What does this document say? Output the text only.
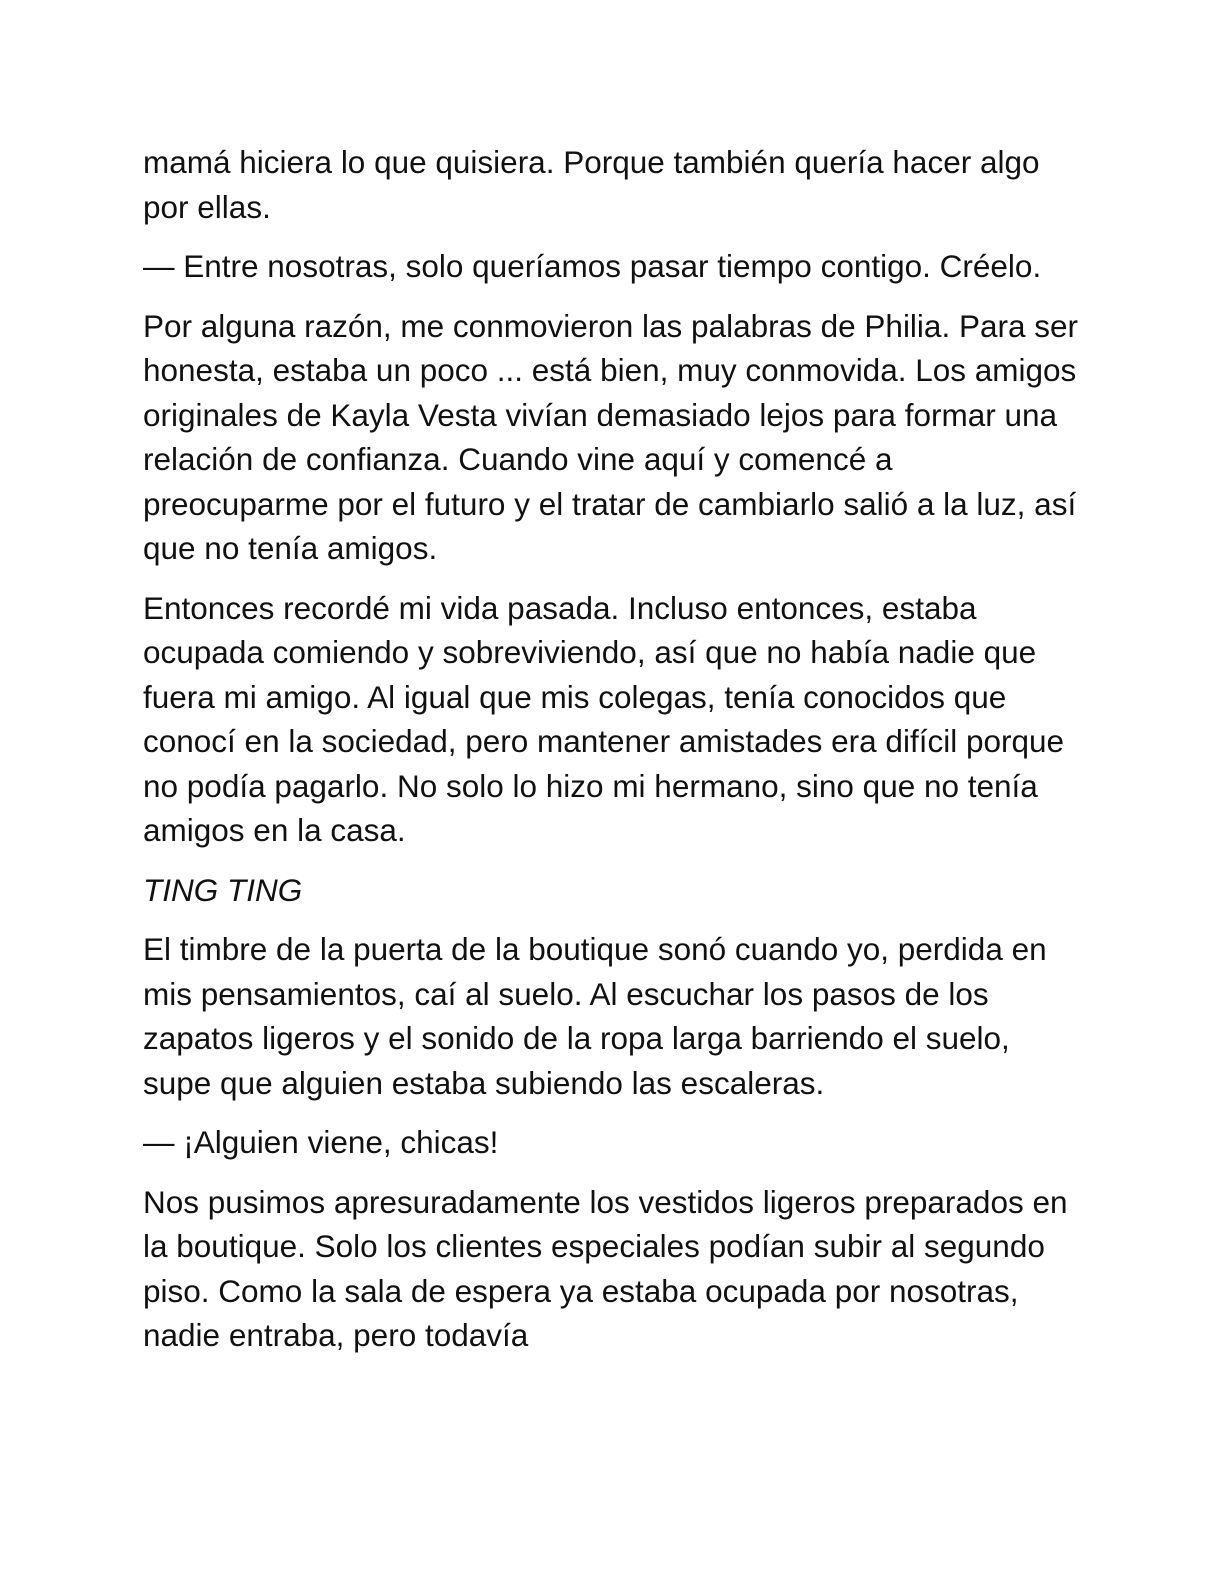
mamá hiciera lo que quisiera. Porque también quería hacer algo por ellas.

— Entre nosotras, solo queríamos pasar tiempo contigo. Créelo.

Por alguna razón, me conmovieron las palabras de Philia. Para ser honesta, estaba un poco ... está bien, muy conmovida. Los amigos originales de Kayla Vesta vivían demasiado lejos para formar una relación de confianza. Cuando vine aquí y comencé a preocuparme por el futuro y el tratar de cambiarlo salió a la luz, así que no tenía amigos.

Entonces recordé mi vida pasada. Incluso entonces, estaba ocupada comiendo y sobreviviendo, así que no había nadie que fuera mi amigo. Al igual que mis colegas, tenía conocidos que conocí en la sociedad, pero mantener amistades era difícil porque no podía pagarlo. No solo lo hizo mi hermano, sino que no tenía amigos en la casa.

TING TING

El timbre de la puerta de la boutique sonó cuando yo, perdida en mis pensamientos, caí al suelo. Al escuchar los pasos de los zapatos ligeros y el sonido de la ropa larga barriendo el suelo, supe que alguien estaba subiendo las escaleras.

— ¡Alguien viene, chicas!

Nos pusimos apresuradamente los vestidos ligeros preparados en la boutique. Solo los clientes especiales podían subir al segundo piso. Como la sala de espera ya estaba ocupada por nosotras, nadie entraba, pero todavía
